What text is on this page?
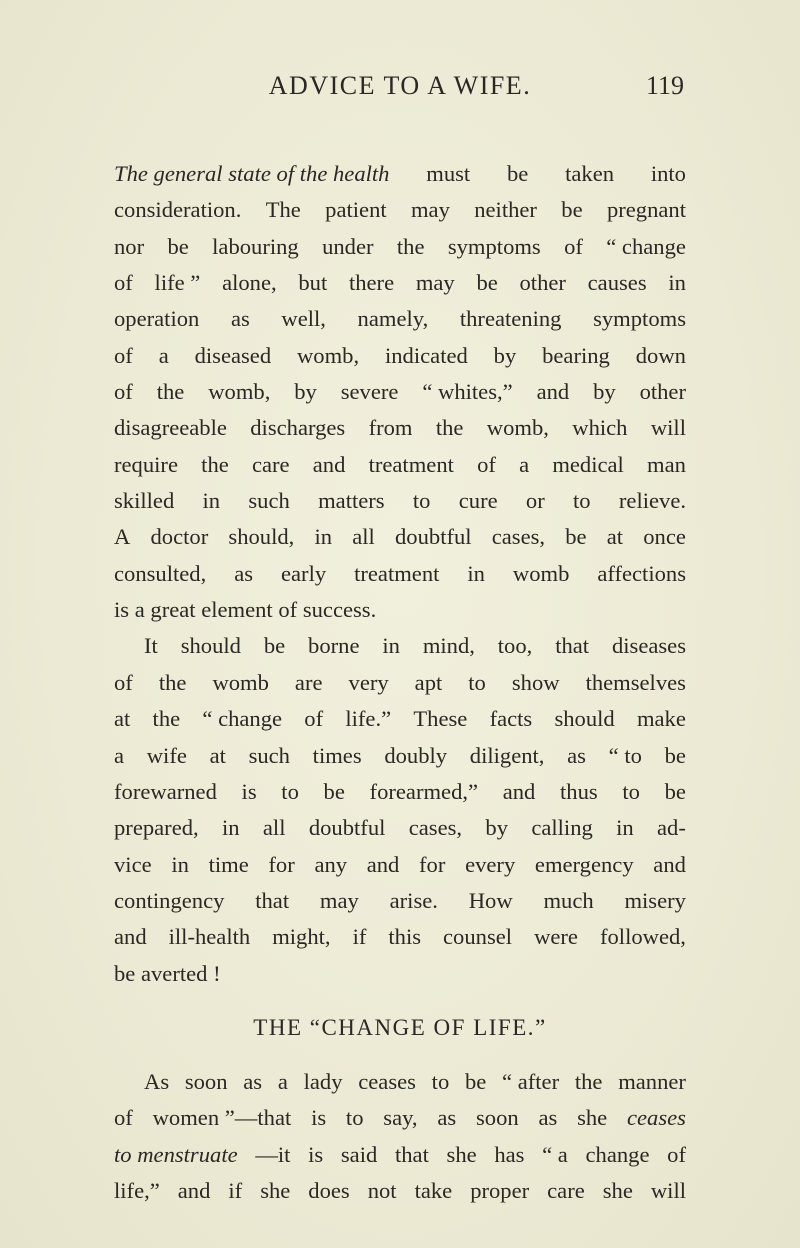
ADVICE TO A WIFE.	119
The general state of the health must be taken into
consideration. The patient may neither be pregnant
nor be labouring under the symptoms of “ change
of life ” alone, but there may be other causes in
operation as well, namely, threatening symptoms
of a diseased womb, indicated by bearing down
of the womb, by severe “ whites,” and by other
disagreeable discharges from the womb, which will
require the care and treatment of a medical man
skilled in such matters to cure or to relieve.
A doctor should, in all doubtful cases, be at once
consulted, as early treatment in womb affections
is a great element of success.
It should be borne in mind, too, that diseases
of the womb are very apt to show themselves
at the “ change of life.” These facts should make
a wife at such times doubly diligent, as “ to be
forewarned is to be forearmed,” and thus to be
prepared, in all doubtful cases, by calling in ad-
vice in time for any and for every emergency and
contingency that may arise. How much misery
and ill-health might, if this counsel were followed,
be averted !
THE “CHANGE OF LIFE.”
As soon as a lady ceases to be “ after the manner
of women ”—that is to say, as soon as she ceases
to menstruate —it is said that she has “ a change of
life,” and if she does not take proper care she will
